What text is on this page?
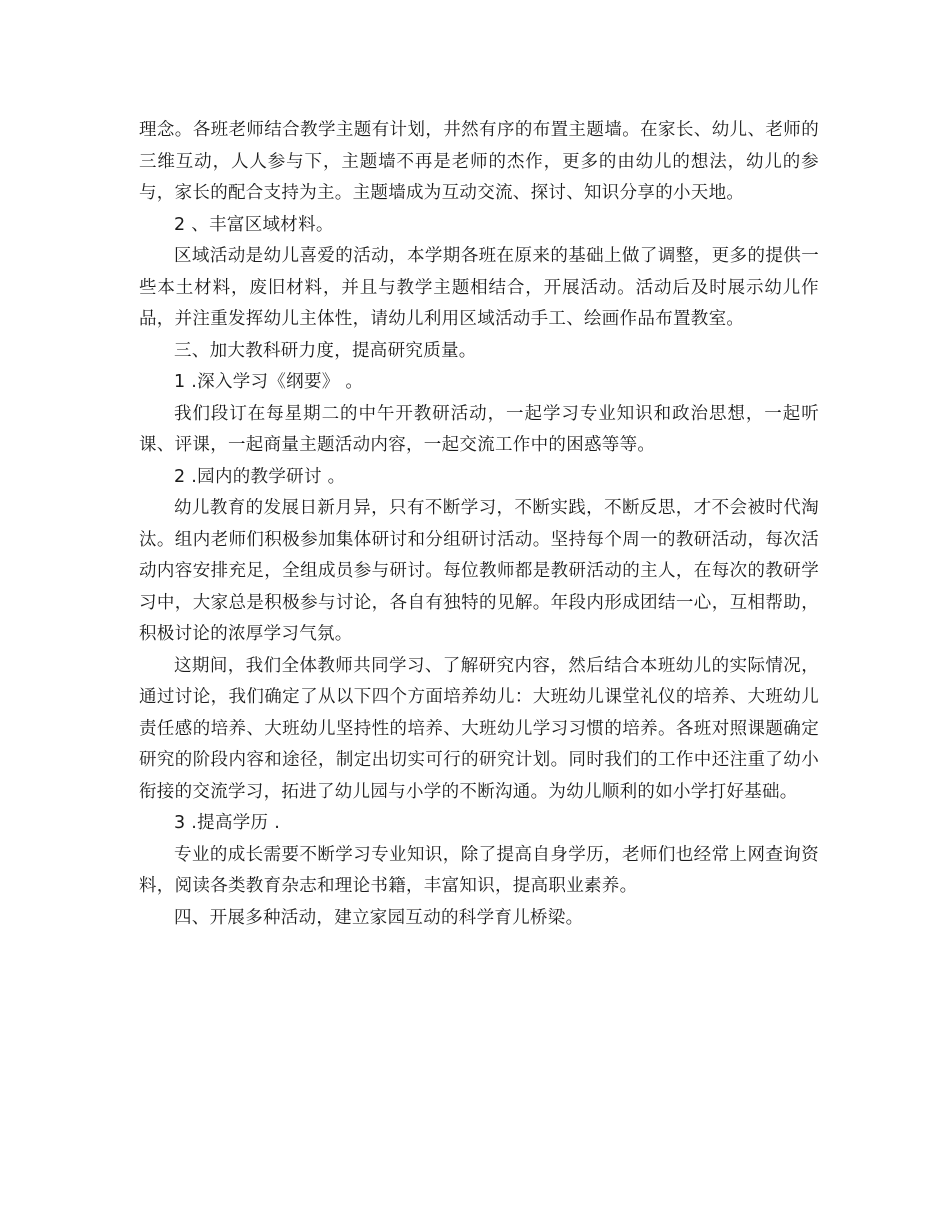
理念。各班老师结合教学主题有计划，井然有序的布置主题墙。在家长、幼儿、老师的三维互动，人人参与下，主题墙不再是老师的杰作，更多的由幼儿的想法，幼儿的参与，家长的配合支持为主。主题墙成为互动交流、探讨、知识分享的小天地。

2 、丰富区域材料。

区域活动是幼儿喜爱的活动，本学期各班在原来的基础上做了调整，更多的提供一些本土材料，废旧材料，并且与教学主题相结合，开展活动。活动后及时展示幼儿作品，并注重发挥幼儿主体性，请幼儿利用区域活动手工、绘画作品布置教室。

三、加大教科研力度，提高研究质量。

1 .深入学习《纲要》 。

我们段订在每星期二的中午开教研活动，一起学习专业知识和政治思想，一起听课、评课，一起商量主题活动内容，一起交流工作中的困惑等等。

2 .园内的教学研讨 。

幼儿教育的发展日新月异，只有不断学习，不断实践，不断反思，才不会被时代淘汰。组内老师们积极参加集体研讨和分组研讨活动。坚持每个周一的教研活动，每次活动内容安排充足，全组成员参与研讨。每位教师都是教研活动的主人，在每次的教研学习中，大家总是积极参与讨论，各自有独特的见解。年段内形成团结一心，互相帮助，积极讨论的浓厚学习气氛。

这期间，我们全体教师共同学习、了解研究内容，然后结合本班幼儿的实际情况，通过讨论，我们确定了从以下四个方面培养幼儿：大班幼儿课堂礼仪的培养、大班幼儿责任感的培养、大班幼儿坚持性的培养、大班幼儿学习习惯的培养。各班对照课题确定研究的阶段内容和途径，制定出切实可行的研究计划。同时我们的工作中还注重了幼小衔接的交流学习，拓进了幼儿园与小学的不断沟通。为幼儿顺利的如小学打好基础。

3 .提高学历 .

专业的成长需要不断学习专业知识，除了提高自身学历，老师们也经常上网查询资料，阅读各类教育杂志和理论书籍，丰富知识，提高职业素养。

四、开展多种活动，建立家园互动的科学育儿桥梁。
